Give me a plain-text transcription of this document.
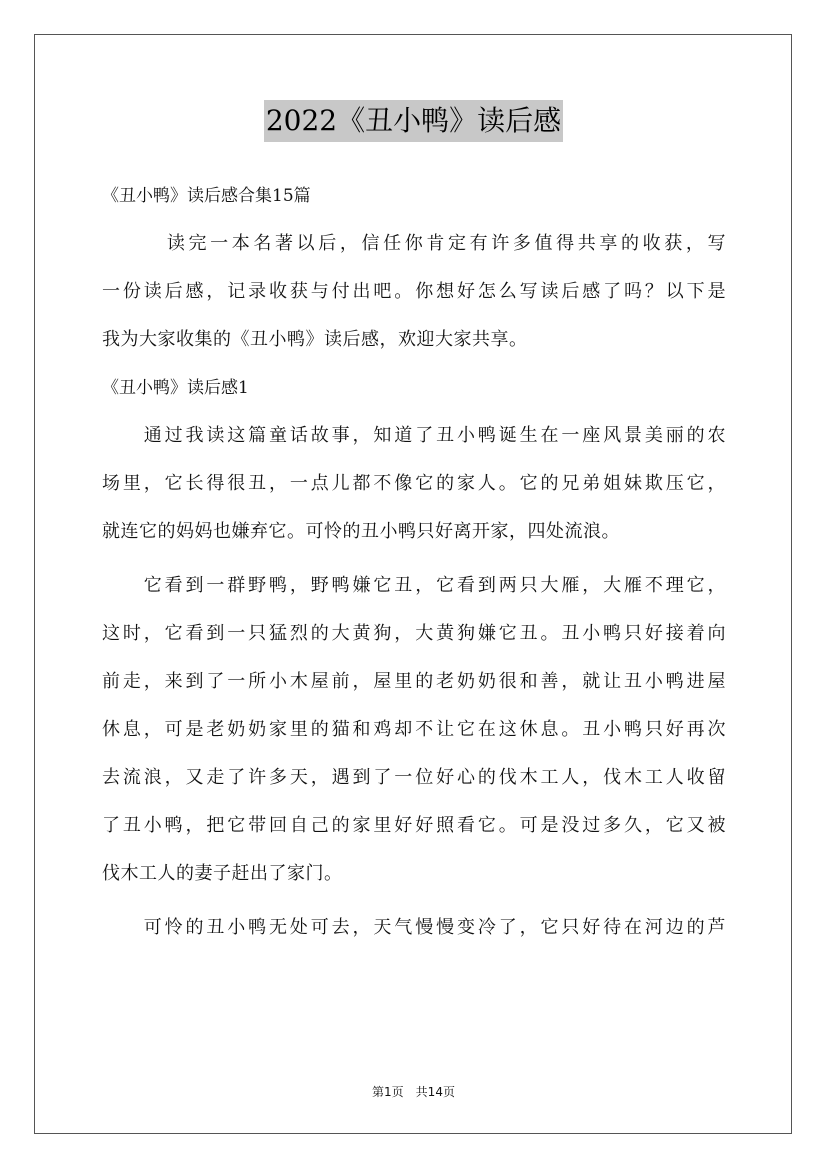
2022《丑小鸭》读后感
《丑小鸭》读后感合集15篇
　　　读完一本名著以后，信任你肯定有许多值得共享的收获，写
一份读后感，记录收获与付出吧。你想好怎么写读后感了吗？以下是
我为大家收集的《丑小鸭》读后感，欢迎大家共享。
《丑小鸭》读后感1
　　通过我读这篇童话故事，知道了丑小鸭诞生在一座风景美丽的农
场里，它长得很丑，一点儿都不像它的家人。它的兄弟姐妹欺压它，
就连它的妈妈也嫌弃它。可怜的丑小鸭只好离开家，四处流浪。
　　它看到一群野鸭，野鸭嫌它丑，它看到两只大雁，大雁不理它，
这时，它看到一只猛烈的大黄狗，大黄狗嫌它丑。丑小鸭只好接着向
前走，来到了一所小木屋前，屋里的老奶奶很和善，就让丑小鸭进屋
休息，可是老奶奶家里的猫和鸡却不让它在这休息。丑小鸭只好再次
去流浪，又走了许多天，遇到了一位好心的伐木工人，伐木工人收留
了丑小鸭，把它带回自己的家里好好照看它。可是没过多久，它又被
伐木工人的妻子赶出了家门。
　　可怜的丑小鸭无处可去，天气慢慢变冷了，它只好待在河边的芦
第1页　共14页
